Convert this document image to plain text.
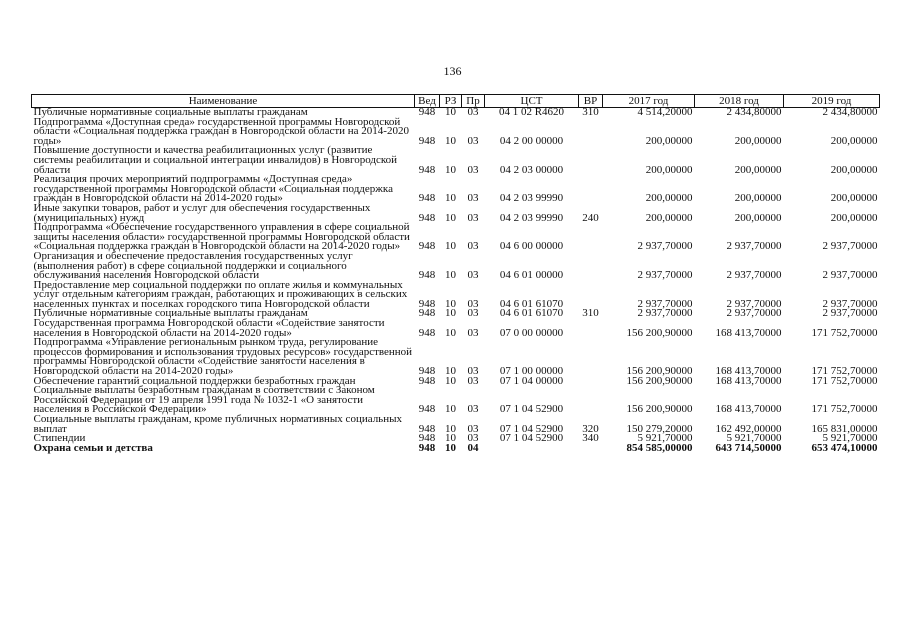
136
Наименование	Вед	РЗ	Пр	ЦСТ	ВР	2017 год	2018 год	2019 год
Публичные нормативные социальные выплаты гражданам	948	10	03	04 1 02 R4620	310	4 514,20000	2 434,80000	2 434,80000
Подпрограмма «Доступная среда» государственной программы Новгородской области «Социальная поддержка граждан в Новгородской области на 2014-2020 годы»	948	10	03	04 2 00 00000		200,00000	200,00000	200,00000
Повышение доступности и качества реабилитационных услуг (развитие системы реабилитации и социальной интеграции инвалидов) в Новгородской области	948	10	03	04 2 03 00000		200,00000	200,00000	200,00000
Реализация прочих мероприятий подпрограммы «Доступная среда» государственной программы Новгородской области «Социальная поддержка граждан в Новгородской области на 2014-2020 годы»	948	10	03	04 2 03 99990		200,00000	200,00000	200,00000
Иные закупки товаров, работ и услуг для обеспечения государственных (муниципальных) нужд	948	10	03	04 2 03 99990	240	200,00000	200,00000	200,00000
Подпрограмма «Обеспечение государственного управления в сфере социальной защиты населения области» государственной программы Новгородской области «Социальная поддержка граждан в Новгородской области на 2014-2020 годы»	948	10	03	04 6 00 00000		2 937,70000	2 937,70000	2 937,70000
Организация и обеспечение предоставления государственных услуг (выполнения работ) в сфере социальной поддержки и социального обслуживания населения Новгородской области	948	10	03	04 6 01 00000		2 937,70000	2 937,70000	2 937,70000
Предоставление мер социальной поддержки по оплате жилья и коммунальных услуг отдельным категориям граждан, работающих и проживающих в сельских населенных пунктах и поселках городского типа Новгородской области	948	10	03	04 6 01 61070		2 937,70000	2 937,70000	2 937,70000
Публичные нормативные социальные выплаты гражданам	948	10	03	04 6 01 61070	310	2 937,70000	2 937,70000	2 937,70000
Государственная программа Новгородской области «Содействие занятости населения в Новгородской области на 2014-2020 годы»	948	10	03	07 0 00 00000		156 200,90000	168 413,70000	171 752,70000
Подпрограмма «Управление региональным рынком труда, регулирование процессов формирования и использования трудовых ресурсов» государственной программы Новгородской области «Содействие занятости населения в Новгородской области на 2014-2020 годы»	948	10	03	07 1 00 00000		156 200,90000	168 413,70000	171 752,70000
Обеспечение гарантий социальной поддержки безработных граждан	948	10	03	07 1 04 00000		156 200,90000	168 413,70000	171 752,70000
Социальные выплаты безработным гражданам в соответствии с Законом Российской Федерации от 19 апреля 1991 года № 1032-1 «О занятости населения в Российской Федерации»	948	10	03	07 1 04 52900		156 200,90000	168 413,70000	171 752,70000
Социальные выплаты гражданам, кроме публичных нормативных социальных выплат	948	10	03	07 1 04 52900	320	150 279,20000	162 492,00000	165 831,00000
Стипендии	948	10	03	07 1 04 52900	340	5 921,70000	5 921,70000	5 921,70000
Охрана семьи и детства	948	10	04			854 585,00000	643 714,50000	653 474,10000
